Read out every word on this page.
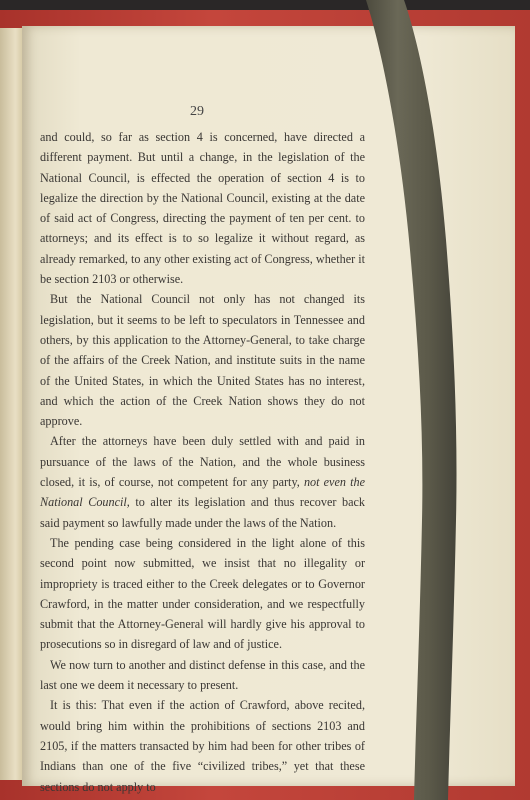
29

and could, so far as section 4 is concerned, have directed a different payment. But until a change, in the legislation of the National Council, is effected the operation of section 4 is to legalize the direction by the National Council, existing at the date of said act of Congress, directing the payment of ten per cent. to attorneys; and its effect is to so legalize it without regard, as already remarked, to any other existing act of Congress, whether it be section 2103 or otherwise.

But the National Council not only has not changed its legislation, but it seems to be left to speculators in Tennessee and others, by this application to the Attorney-General, to take charge of the affairs of the Creek Nation, and institute suits in the name of the United States, in which the United States has no interest, and which the action of the Creek Nation shows they do not approve.

After the attorneys have been duly settled with and paid in pursuance of the laws of the Nation, and the whole business closed, it is, of course, not competent for any party, not even the National Council, to alter its legislation and thus recover back said payment so lawfully made under the laws of the Nation.

The pending case being considered in the light alone of this second point now submitted, we insist that no illegality or impropriety is traced either to the Creek delegates or to Governor Crawford, in the matter under consideration, and we respectfully submit that the Attorney-General will hardly give his approval to prosecutions so in disregard of law and of justice.

We now turn to another and distinct defense in this case, and the last one we deem it necessary to present.

It is this: That even if the action of Crawford, above recited, would bring him within the prohibitions of sections 2103 and 2105, if the matters transacted by him had been for other tribes of Indians than one of the five “civilized tribes,” yet that these sections do not apply to
